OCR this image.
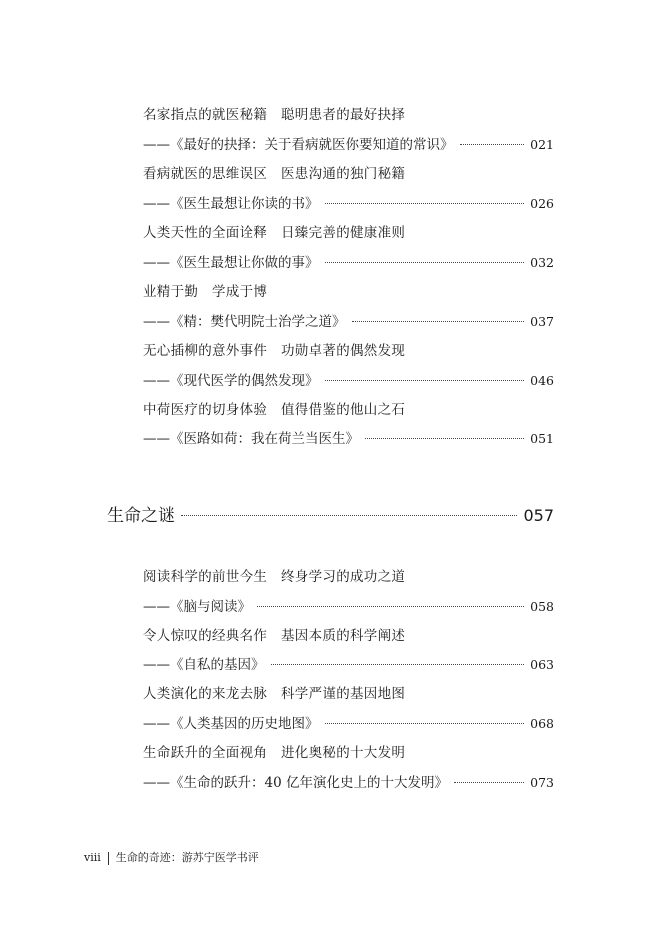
名家指点的就医秘籍　聪明患者的最好抉择
——《最好的抉择：关于看病就医你要知道的常识》	021
看病就医的思维误区　医患沟通的独门秘籍
——《医生最想让你读的书》	026
人类天性的全面诠释　日臻完善的健康准则
——《医生最想让你做的事》	032
业精于勤　学成于博
——《精：樊代明院士治学之道》	037
无心插柳的意外事件　功勋卓著的偶然发现
——《现代医学的偶然发现》	046
中荷医疗的切身体验　值得借鉴的他山之石
——《医路如荷：我在荷兰当医生》	051
生命之谜	057
阅读科学的前世今生　终身学习的成功之道
——《脑与阅读》	058
令人惊叹的经典名作　基因本质的科学阐述
——《自私的基因》	063
人类演化的来龙去脉　科学严谨的基因地图
——《人类基因的历史地图》	068
生命跃升的全面视角　进化奥秘的十大发明
——《生命的跃升：40 亿年演化史上的十大发明》	073
viii 生命的奇迹：游苏宁医学书评
